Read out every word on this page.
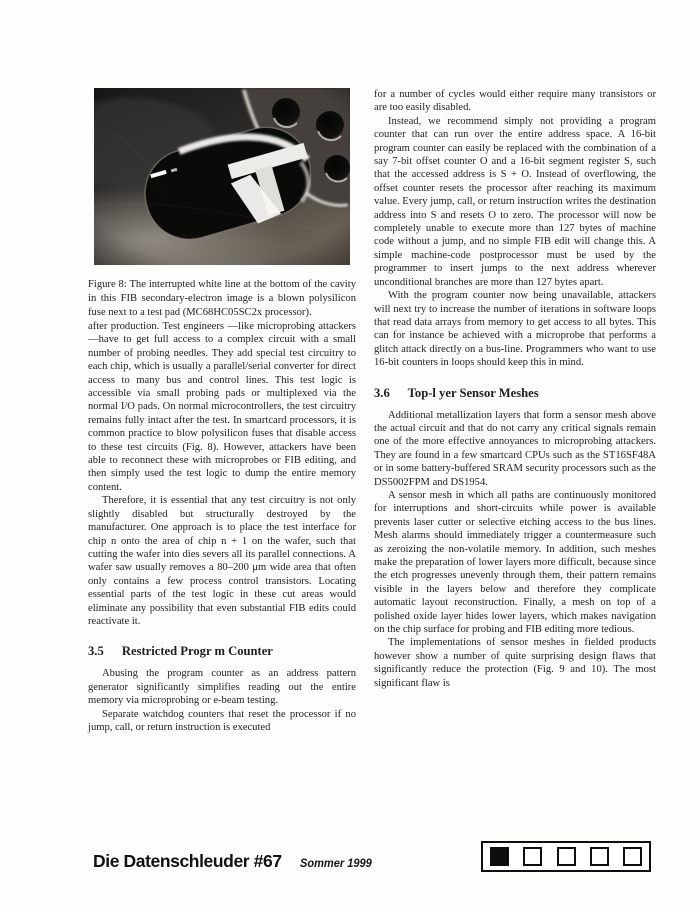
Figure 8: The interrupted white line at the bottom of the cavity in this FIB secondary-electron image is a blown polysilicon fuse next to a test pad (MC68HC05SC2x processor).

after production. Test engineers —like microprobing attackers—have to get full access to a complex circuit with a small number of probing needles. They add special test circuitry to each chip, which is usually a parallel/serial converter for direct access to many bus and control lines. This test logic is accessible via small probing pads or multiplexed via the normal I/O pads. On normal microcontrollers, the test circuitry remains fully intact after the test. In smartcard processors, it is common practice to blow polysilicon fuses that disable access to these test circuits (Fig. 8). However, attackers have been able to reconnect these with microprobes or FIB editing, and then simply used the test logic to dump the entire memory content.

Therefore, it is essential that any test circuitry is not only slightly disabled but structurally destroyed by the manufacturer. One approach is to place the test interface for chip n onto the area of chip n + 1 on the wafer, such that cutting the wafer into dies severs all its parallel connections. A wafer saw usually removes a 80–200 μm wide area that often only contains a few process control transistors. Locating essential parts of the test logic in these cut areas would eliminate any possibility that even substantial FIB edits could reactivate it.

3.5 Restricted Progr m Counter

Abusing the program counter as an address pattern generator significantly simplifies reading out the entire memory via microprobing or e-beam testing.

Separate watchdog counters that reset the processor if no jump, call, or return instruction is executed

for a number of cycles would either require many transistors or are too easily disabled.

Instead, we recommend simply not providing a program counter that can run over the entire address space. A 16-bit program counter can easily be replaced with the combination of a say 7-bit offset counter O and a 16-bit segment register S, such that the accessed address is S + O. Instead of overflowing, the offset counter resets the processor after reaching its maximum value. Every jump, call, or return instruction writes the destination address into S and resets O to zero. The processor will now be completely unable to execute more than 127 bytes of machine code without a jump, and no simple FIB edit will change this. A simple machine-code postprocessor must be used by the programmer to insert jumps to the next address wherever unconditional branches are more than 127 bytes apart.

With the program counter now being unavailable, attackers will next try to increase the number of iterations in software loops that read data arrays from memory to get access to all bytes. This can for instance be achieved with a microprobe that performs a glitch attack directly on a bus-line. Programmers who want to use 16-bit counters in loops should keep this in mind.

3.6 Top-l yer Sensor Meshes

Additional metallization layers that form a sensor mesh above the actual circuit and that do not carry any critical signals remain one of the more effective annoyances to microprobing attackers. They are found in a few smartcard CPUs such as the ST16SF48A or in some battery-buffered SRAM security processors such as the DS5002FPM and DS1954.

A sensor mesh in which all paths are continuously monitored for interruptions and short-circuits while power is available prevents laser cutter or selective etching access to the bus lines. Mesh alarms should immediately trigger a countermeasure such as zeroizing the non-volatile memory. In addition, such meshes make the preparation of lower layers more difficult, because since the etch progresses unevenly through them, their pattern remains visible in the layers below and therefore they complicate automatic layout reconstruction. Finally, a mesh on top of a polished oxide layer hides lower layers, which makes navigation on the chip surface for probing and FIB editing more tedious.

The implementations of sensor meshes in fielded products however show a number of quite surprising design flaws that significantly reduce the protection (Fig. 9 and 10). The most significant flaw is

Die Datenschleuder #67 Sommer 1999
